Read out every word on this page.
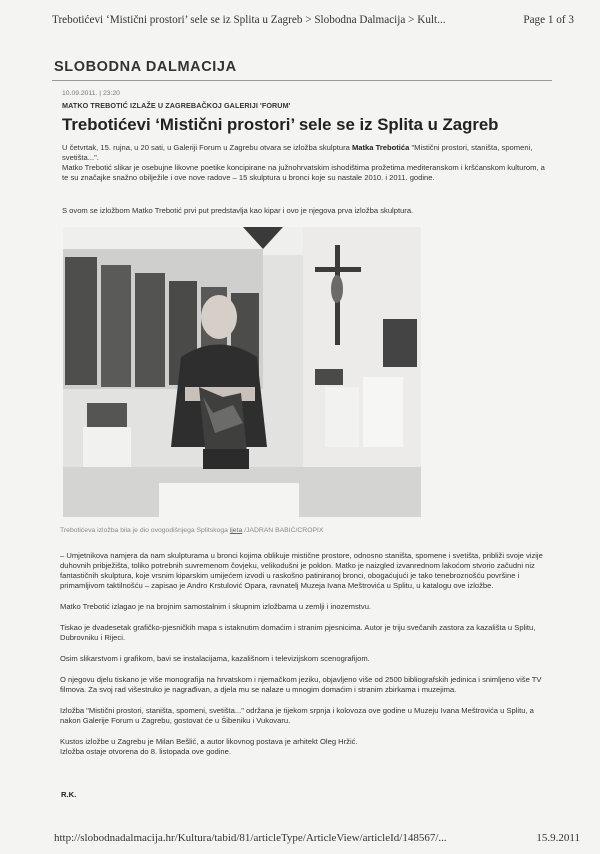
Trebotićevi ‘Mistični prostori’ sele se iz Splita u Zagreb > Slobodna Dalmacija > Kult...	Page 1 of 3
SLOBODNA DALMACIJA
10.09.2011. | 23:20
MATKO TREBOTIĆ IZLAŽE U ZAGREBAČKOJ GALERIJI 'FORUM'
Trebotićevi ‘Mistični prostori’ sele se iz Splita u Zagreb

U četvrtak, 15. rujna, u 20 sati, u Galeriji Forum u Zagrebu otvara se izložba skulptura Matka Trebotića "Mistični prostori, staništa, spomeni, svetišta...".

Matko Trebotić slikar je osebujne likovne poetike koncipirane na južnohrvatskim ishodištima prožetima mediteranskom i kršćanskom kulturom, a te su značajke snažno obilježile i ove nove radove – 15 skulptura u bronci koje su nastale 2010. i 2011. godine.

S ovom se izložbom Matko Trebotić prvi put predstavlja kao kipar i ovo je njegova prva izložba skulptura.
Trebotićeva izložba bila je dio ovogodišnjega Splitskoga ljeta /JADRAN BABIĆ/CROPIX

– Umjetnikova namjera da nam skulpturama u bronci kojima oblikuje mistične prostore, odnosno staništa, spomene i svetišta, približi svoje vizije duhovnih pribježišta, toliko potrebnih suvremenom čovjeku, velikodušni je poklon. Matko je naizgled izvanrednom lakoćom stvorio začudni niz fantastičnih skulptura, koje vrsnim kiparskim umijećem izvodi u raskošno patiniranoj bronci, obogaćujući je tako tenebroznošću površine i primamljivom taktilnošću – zapisao je Andro Krstulović Opara, ravnatelj Muzeja Ivana Meštrovića u Splitu, u katalogu ove izložbe.

Matko Trebotić izlagao je na brojnim samostalnim i skupnim izložbama u zemlji i inozemstvu.

Tiskao je dvadesetak grafičko-pjesničkih mapa s istaknutim domaćim i stranim pjesnicima. Autor je triju svečanih zastora za kazališta u Splitu, Dubrovniku i Rijeci.

Osim slikarstvom i grafikom, bavi se instalacijama, kazališnom i televizijskom scenografijom.

O njegovu djelu tiskano je više monografija na hrvatskom i njemačkom jeziku, objavljeno više od 2500 bibliografskih jedinica i snimljeno više TV filmova. Za svoj rad višestruko je nagrađivan, a djela mu se nalaze u mnogim domaćim i stranim zbirkama i muzejima.

Izložba "Mistični prostori, staništa, spomeni, svetišta..." održana je tijekom srpnja i kolovoza ove godine u Muzeju Ivana Meštrovića u Splitu, a nakon Galerije Forum u Zagrebu, gostovat će u Šibeniku i Vukovaru.

Kustos izložbe u Zagrebu je Milan Bešlić, a autor likovnog postava je arhitekt Oleg Hržić.
Izložba ostaje otvorena do 8. listopada ove godine.

R.K.
http://slobodnadalmacija.hr/Kultura/tabid/81/articleType/ArticleView/articleId/148567/...	15.9.2011
